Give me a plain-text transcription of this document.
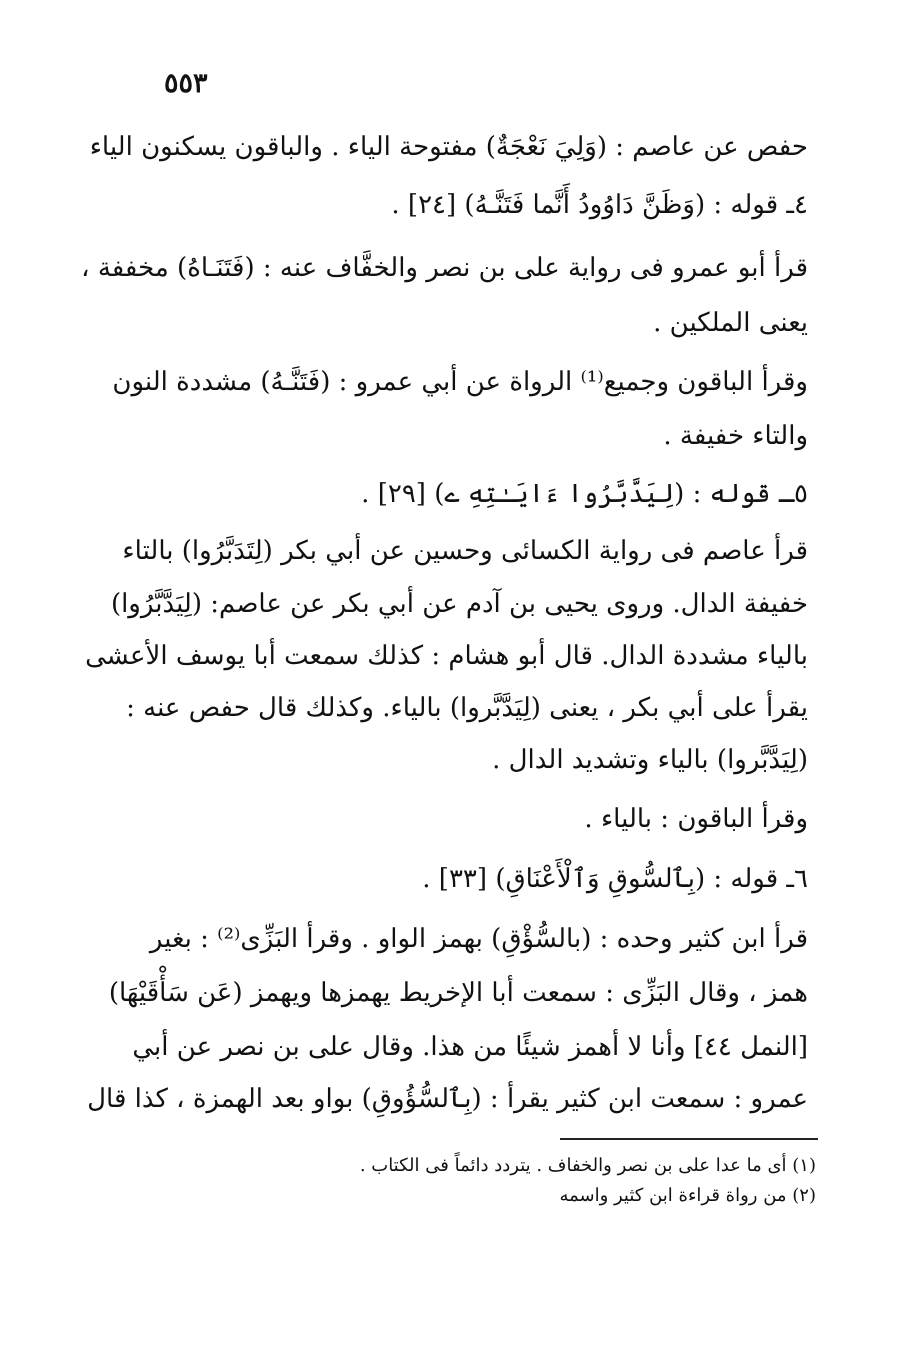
٥٥٣
حفص عن عاصم : (وَلِيَ نَعْجَةٌ) مفتوحة الياء . والباقون يسكنون الياء
٤ـ قوله : (وَظَنَّ دَاوُودُ أَنَّما فَتَنَّـهُ) [٢٤] .
قرأ أبو عمرو فى رواية على بن نصر والخفَّاف عنه : (فَتَنَـاهُ) مخففة ،
يعنى الملكين .
وقرأ الباقون وجميع⁽¹⁾ الرواة عن أبي عمرو : (فَتَنَّـهُ) مشددة النون
والتاء خفيفة .
٥ـ قوله : (لِيَدَّبَّرُوا ءَايَـٰتِهِ ے) [٢٩] .
قرأ عاصم فى رواية الكسائى وحسين عن أبي بكر (لِتَدَبَّرُوا) بالتاء
خفيفة الدال. وروى يحيى بن آدم عن أبي بكر عن عاصم: (لِيَدَّبَّرُوا)
بالياء مشددة الدال. قال أبو هشام : كذلك سمعت أبا يوسف الأعشى
يقرأ على أبي بكر ، يعنى (لِيَدَّبَّروا) بالياء. وكذلك قال حفص عنه :
(لِيَدَّبَّروا) بالياء وتشديد الدال .
وقرأ الباقون : بالياء .
٦ـ قوله : (بِٱلسُّوقِ وَٱلْأَعْنَاقِ) [٣٣] .
قرأ ابن كثير وحده : (بالسُّؤْقِ) بهمز الواو . وقرأ البَزِّى⁽²⁾ : بغير
همز ، وقال البَزِّى : سمعت أبا الإخريط يهمزها ويهمز (عَن سَأْقَيْهَا)
[النمل ٤٤] وأنا لا أهمز شيئًا من هذا. وقال على بن نصر عن أبي
عمرو : سمعت ابن كثير يقرأ : (بِٱلسُّؤُوقِ) بواو بعد الهمزة ، كذا قال
(١) أى ما عدا على بن نصر والخفاف . يتردد دائماً فى الكتاب .
(٢) من رواة قراءة ابن كثير واسمه
